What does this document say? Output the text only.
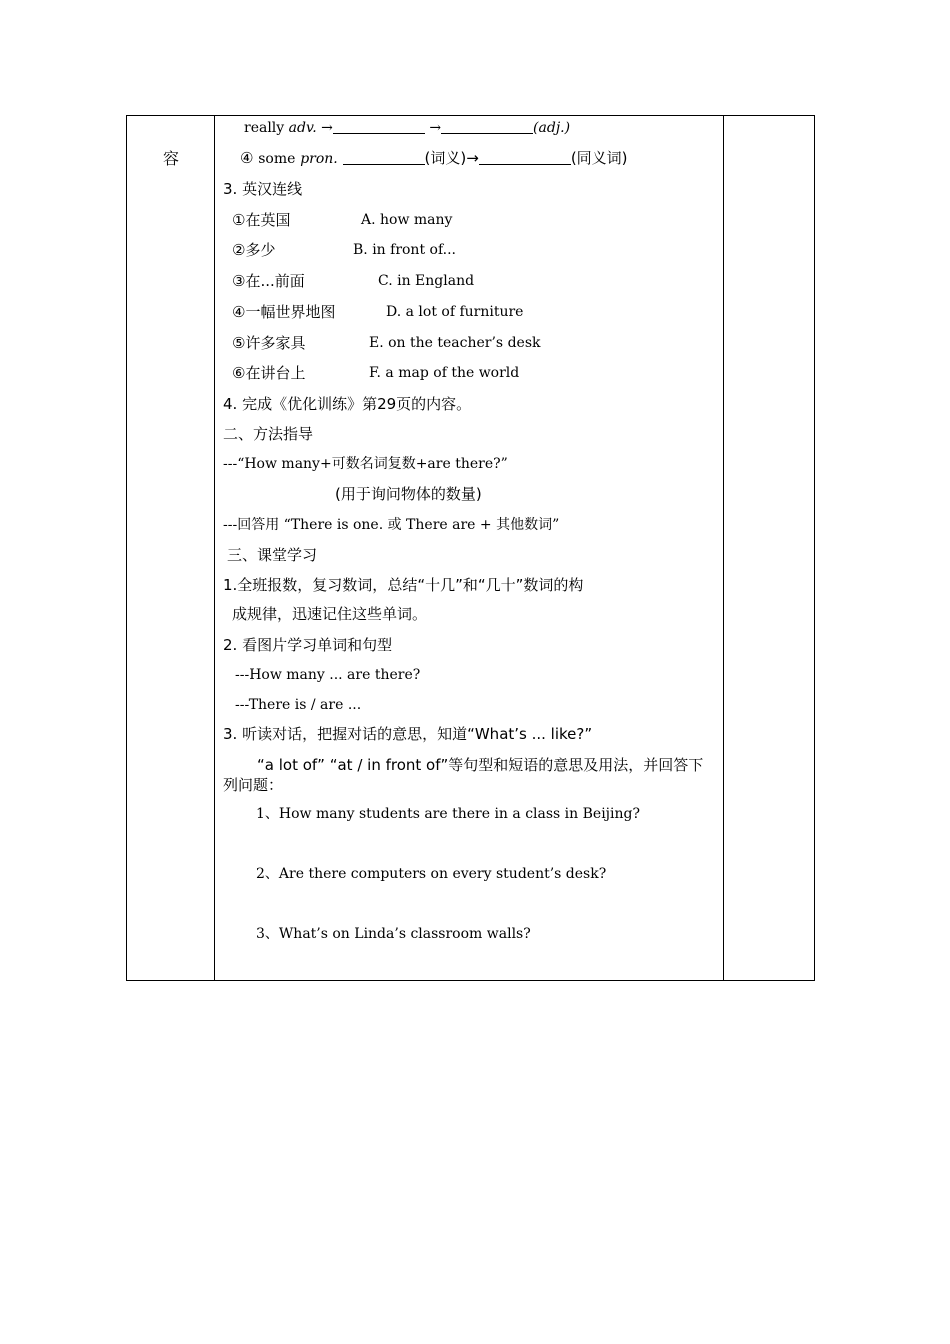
容
really adv. →	→	(adj.)
④ some pron.	(词义)→	(同义词)
3. 英汉连线
①在英国	A. how many
②多少	B. in front of...
③在...前面	C. in England
④一幅世界地图	D. a lot of furniture
⑤许多家具	E. on the teacher’s desk
⑥在讲台上	F. a map of the world
4. 完成《优化训练》第29页的内容。
二、方法指导
---“How many+可数名词复数+are there?”
(用于询问物体的数量)
---回答用 “There is one. 或 There are + 其他数词”
三、课堂学习
1.全班报数，复习数词，总结“十几”和“几十”数词的构
成规律，迅速记住这些单词。
2. 看图片学习单词和句型
---How many ... are there?
---There is / are ...
3. 听读对话，把握对话的意思，知道“What’s ... like?”
“a lot of” “at / in front of”等句型和短语的意思及用法，并回答下列问题：
1、How many students are there in a class in Beijing?
2、Are there computers on every student’s desk?
3、What’s on Linda’s classroom walls?
